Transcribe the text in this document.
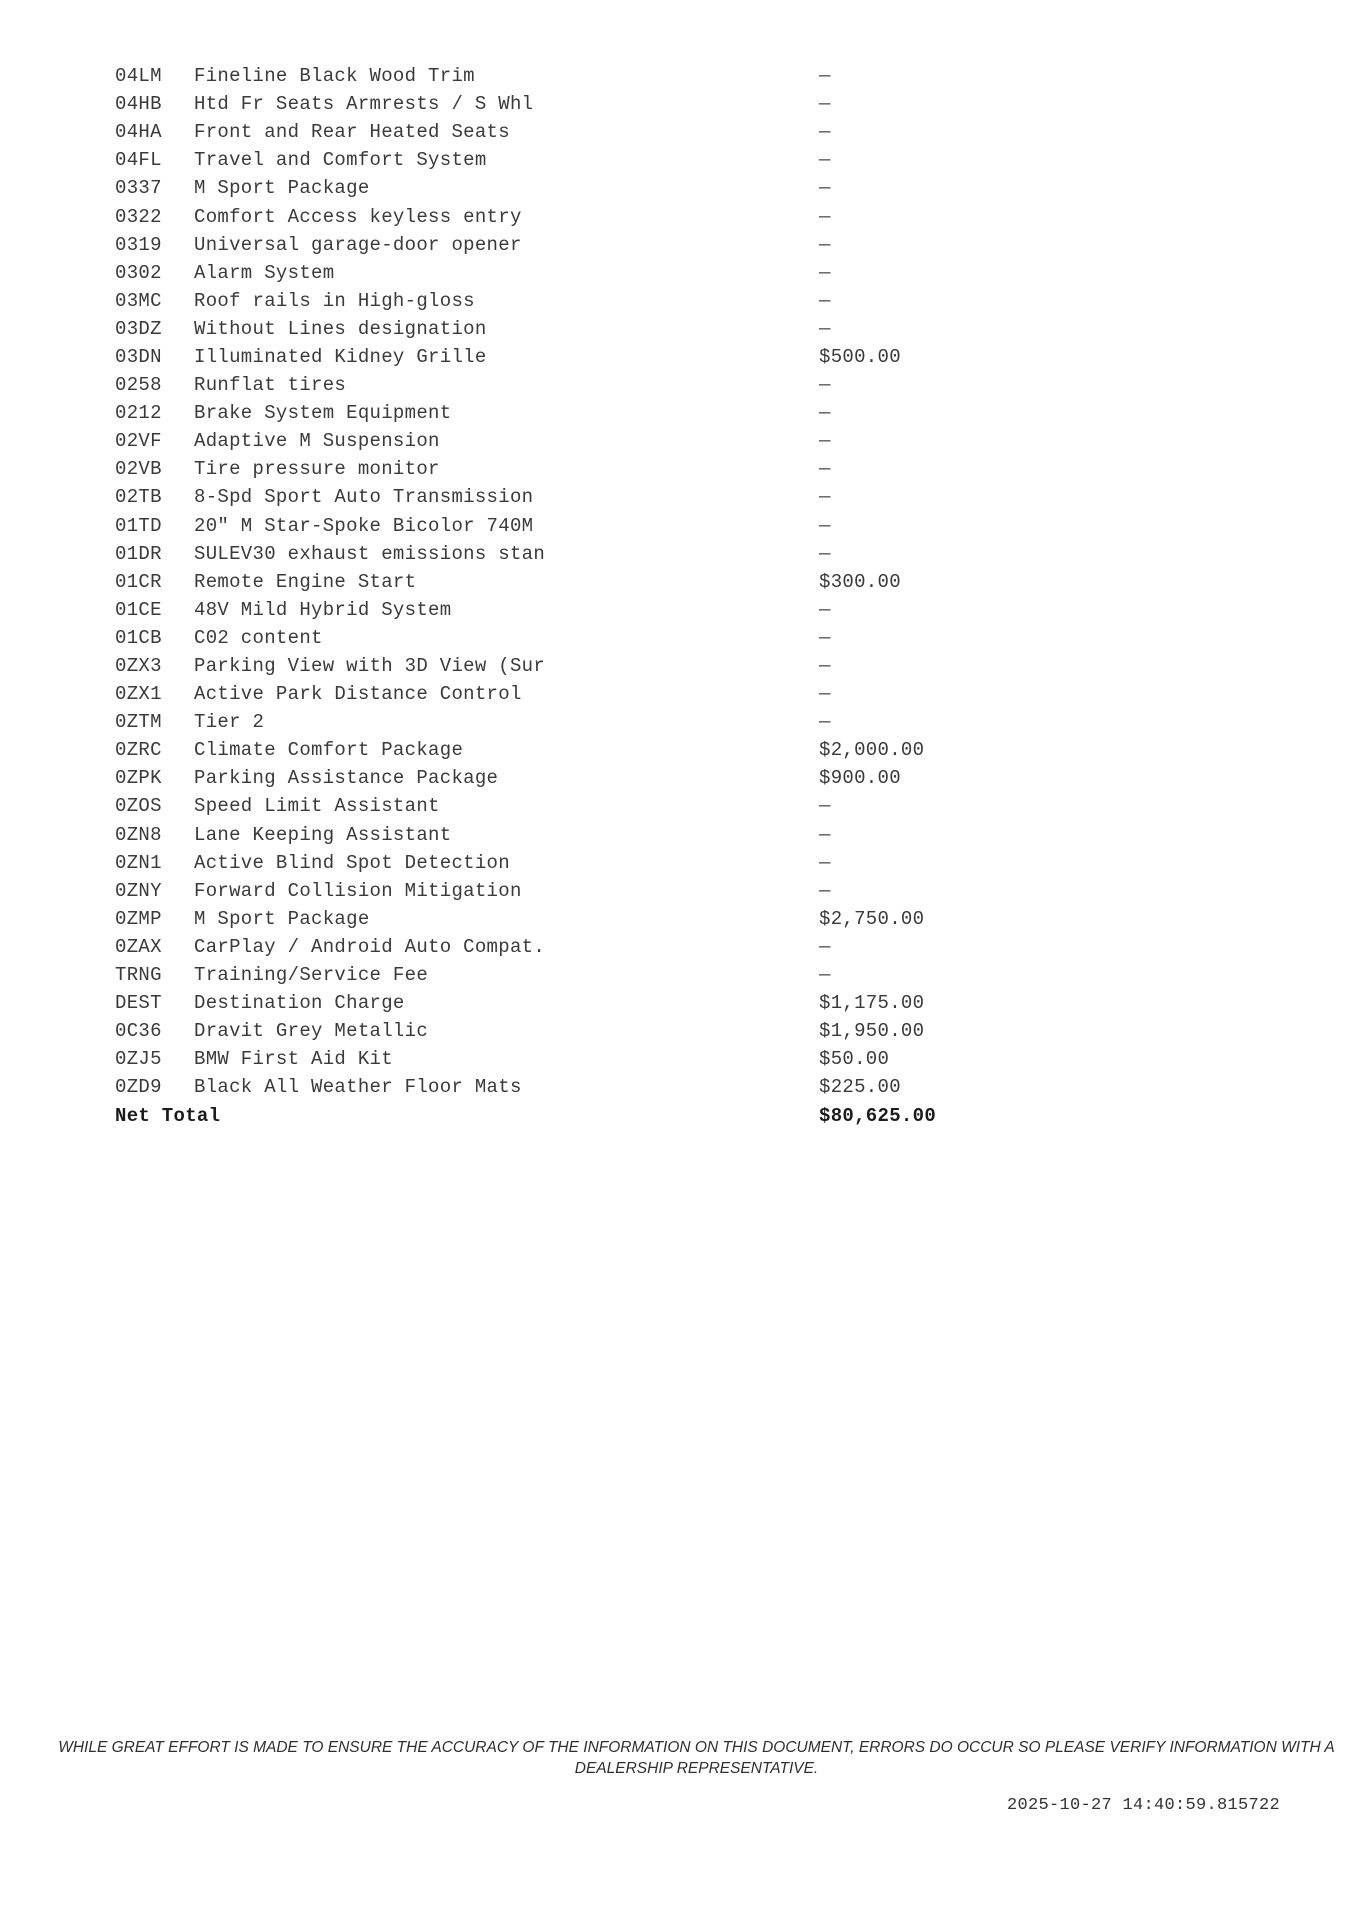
04LM	Fineline Black Wood Trim	—
04HB	Htd Fr Seats Armrests / S Whl	—
04HA	Front and Rear Heated Seats	—
04FL	Travel and Comfort System	—
0337	M Sport Package	—
0322	Comfort Access keyless entry	—
0319	Universal garage-door opener	—
0302	Alarm System	—
03MC	Roof rails in High-gloss	—
03DZ	Without Lines designation	—
03DN	Illuminated Kidney Grille	$500.00
0258	Runflat tires	—
0212	Brake System Equipment	—
02VF	Adaptive M Suspension	—
02VB	Tire pressure monitor	—
02TB	8-Spd Sport Auto Transmission	—
01TD	20" M Star-Spoke Bicolor 740M	—
01DR	SULEV30 exhaust emissions stan	—
01CR	Remote Engine Start	$300.00
01CE	48V Mild Hybrid System	—
01CB	C02 content	—
0ZX3	Parking View with 3D View (Sur	—
0ZX1	Active Park Distance Control	—
0ZTM	Tier 2	—
0ZRC	Climate Comfort Package	$2,000.00
0ZPK	Parking Assistance Package	$900.00
0ZOS	Speed Limit Assistant	—
0ZN8	Lane Keeping Assistant	—
0ZN1	Active Blind Spot Detection	—
0ZNY	Forward Collision Mitigation	—
0ZMP	M Sport Package	$2,750.00
0ZAX	CarPlay / Android Auto Compat.	—
TRNG	Training/Service Fee	—
DEST	Destination Charge	$1,175.00
0C36	Dravit Grey Metallic	$1,950.00
0ZJ5	BMW First Aid Kit	$50.00
0ZD9	Black All Weather Floor Mats	$225.00
Net Total	$80,625.00
WHILE GREAT EFFORT IS MADE TO ENSURE THE ACCURACY OF THE INFORMATION ON THIS DOCUMENT, ERRORS DO OCCUR SO PLEASE VERIFY INFORMATION WITH A
DEALERSHIP REPRESENTATIVE.
2025-10-27 14:40:59.815722
